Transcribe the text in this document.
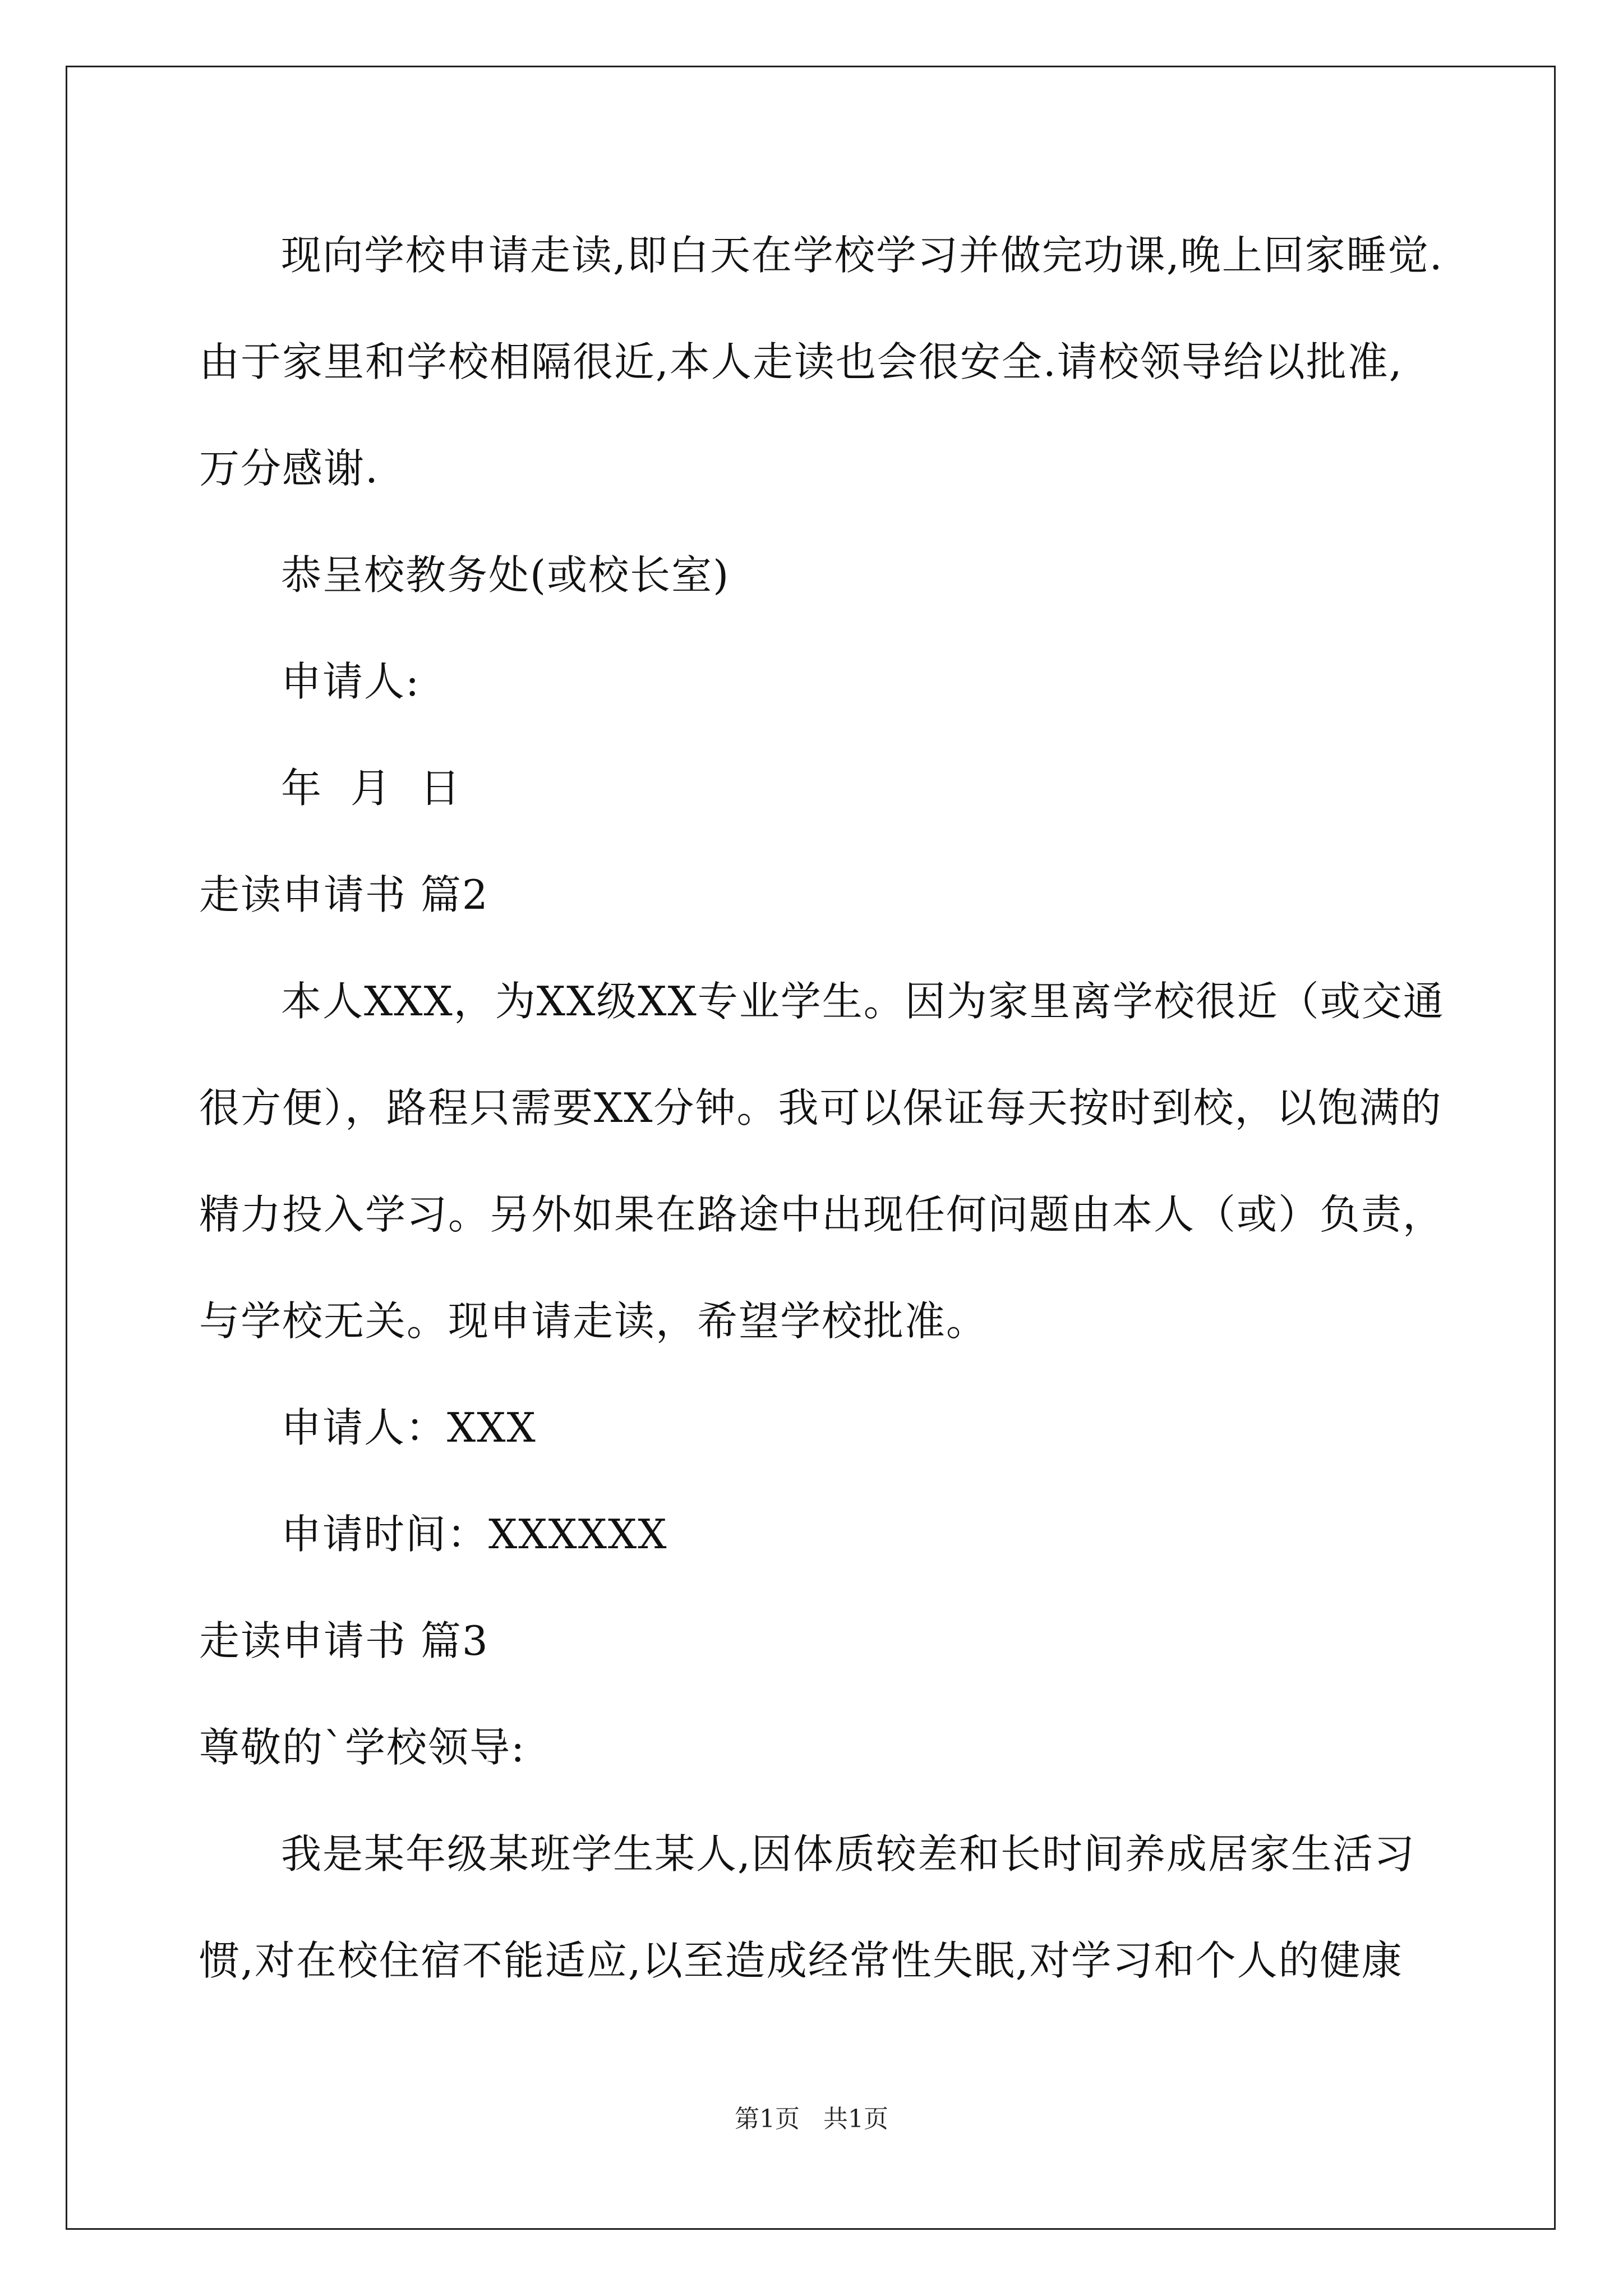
现向学校申请走读,即白天在学校学习并做完功课,晚上回家睡觉.
由于家里和学校相隔很近,本人走读也会很安全.请校领导给以批准,
万分感谢.
恭呈校教务处(或校长室)
申请人:
年  月  日
走读申请书 篇2
本人XXX，为XX级XX专业学生。因为家里离学校很近（或交通
很方便），路程只需要XX分钟。我可以保证每天按时到校，以饱满的
精力投入学习。另外如果在路途中出现任何问题由本人（或）负责，
与学校无关。现申请走读，希望学校批准。
申请人：XXX
申请时间：XXXXXX
走读申请书 篇3
尊敬的`学校领导:
我是某年级某班学生某人,因体质较差和长时间养成居家生活习
惯,对在校住宿不能适应,以至造成经常性失眠,对学习和个人的健康
第1页   共1页
